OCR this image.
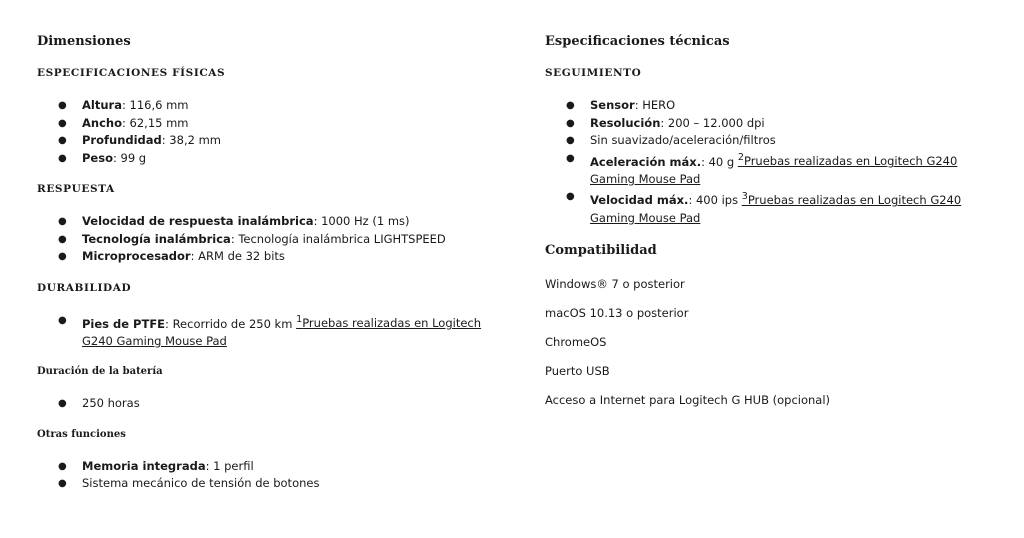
Dimensiones
ESPECIFICACIONES FÍSICAS
● Altura: 116,6 mm
● Ancho: 62,15 mm
● Profundidad: 38,2 mm
● Peso: 99 g
RESPUESTA
● Velocidad de respuesta inalámbrica: 1000 Hz (1 ms)
● Tecnología inalámbrica: Tecnología inalámbrica LIGHTSPEED
● Microprocesador: ARM de 32 bits
DURABILIDAD
● Pies de PTFE: Recorrido de 250 km $^1$Pruebas realizadas en Logitech G240 Gaming Mouse Pad
Duración de la batería
● 250 horas
Otras funciones
● Memoria integrada: 1 perfil
● Sistema mecánico de tensión de botones
Especificaciones técnicas
SEGUIMIENTO
● Sensor: HERO
● Resolución: 200 – 12.000 dpi
● Sin suavizado/aceleración/filtros
● Aceleración máx.: 40 g $^2$Pruebas realizadas en Logitech G240 Gaming Mouse Pad
● Velocidad máx.: 400 ips $^3$Pruebas realizadas en Logitech G240 Gaming Mouse Pad
Compatibilidad

Windows® 7 o posterior

macOS 10.13 o posterior

ChromeOS

Puerto USB

Acceso a Internet para Logitech G HUB (opcional)
